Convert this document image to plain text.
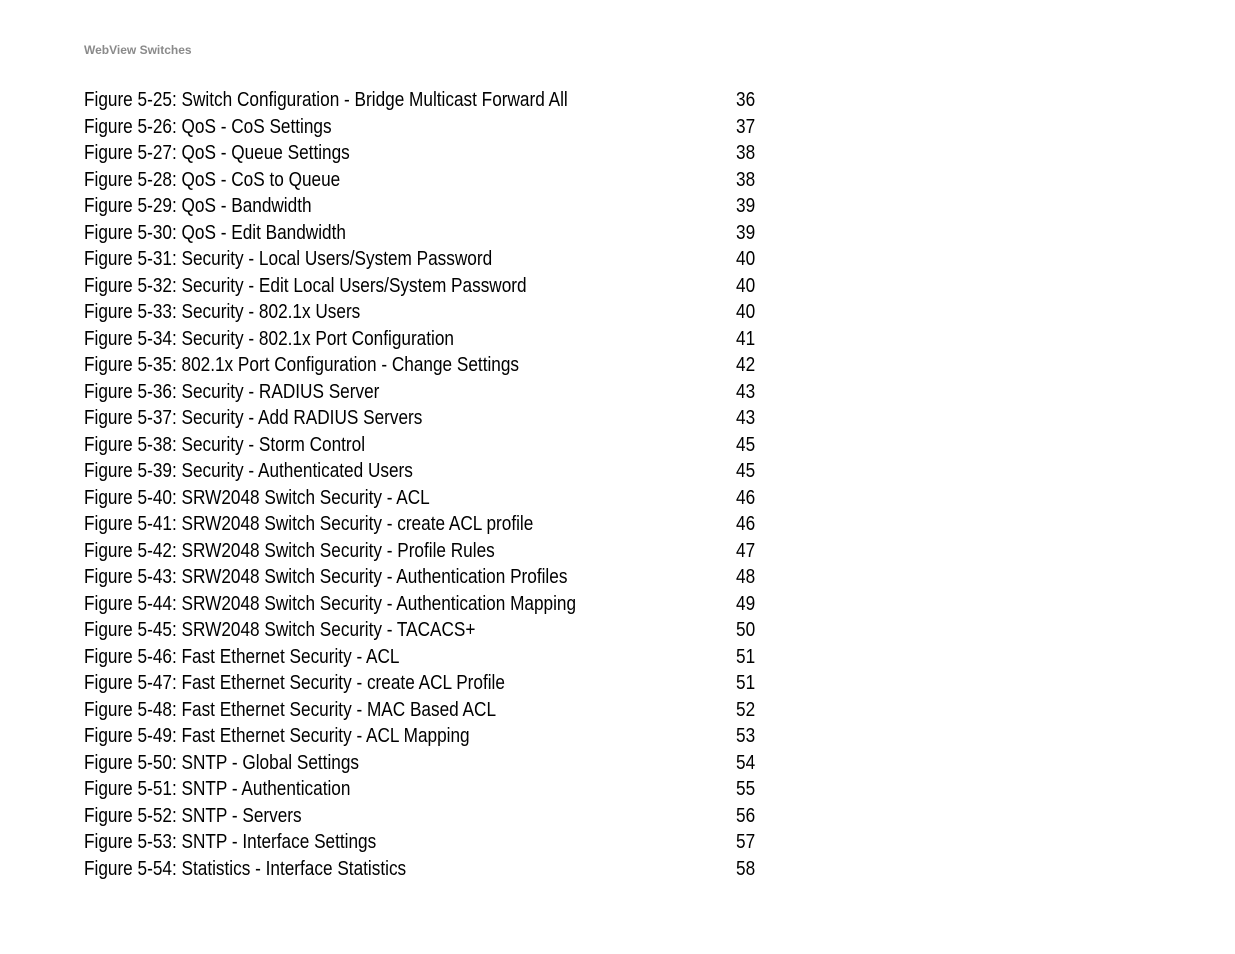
WebView Switches
Figure 5-25: Switch Configuration - Bridge Multicast Forward All	36
Figure 5-26: QoS - CoS Settings	37
Figure 5-27: QoS - Queue Settings	38
Figure 5-28: QoS - CoS to Queue	38
Figure 5-29: QoS - Bandwidth	39
Figure 5-30: QoS - Edit Bandwidth	39
Figure 5-31: Security - Local Users/System Password	40
Figure 5-32: Security - Edit Local Users/System Password	40
Figure 5-33: Security - 802.1x Users	40
Figure 5-34: Security - 802.1x Port Configuration	41
Figure 5-35: 802.1x Port Configuration - Change Settings	42
Figure 5-36: Security - RADIUS Server	43
Figure 5-37: Security - Add RADIUS Servers	43
Figure 5-38: Security - Storm Control	45
Figure 5-39: Security - Authenticated Users	45
Figure 5-40: SRW2048 Switch Security - ACL	46
Figure 5-41: SRW2048 Switch Security - create ACL profile	46
Figure 5-42: SRW2048 Switch Security - Profile Rules	47
Figure 5-43: SRW2048 Switch Security - Authentication Profiles	48
Figure 5-44: SRW2048 Switch Security - Authentication Mapping	49
Figure 5-45: SRW2048 Switch Security - TACACS+	50
Figure 5-46: Fast Ethernet Security - ACL	51
Figure 5-47: Fast Ethernet Security - create ACL Profile	51
Figure 5-48: Fast Ethernet Security - MAC Based ACL	52
Figure 5-49: Fast Ethernet Security - ACL Mapping	53
Figure 5-50: SNTP - Global Settings	54
Figure 5-51: SNTP - Authentication	55
Figure 5-52: SNTP - Servers	56
Figure 5-53: SNTP - Interface Settings	57
Figure 5-54: Statistics - Interface Statistics	58
